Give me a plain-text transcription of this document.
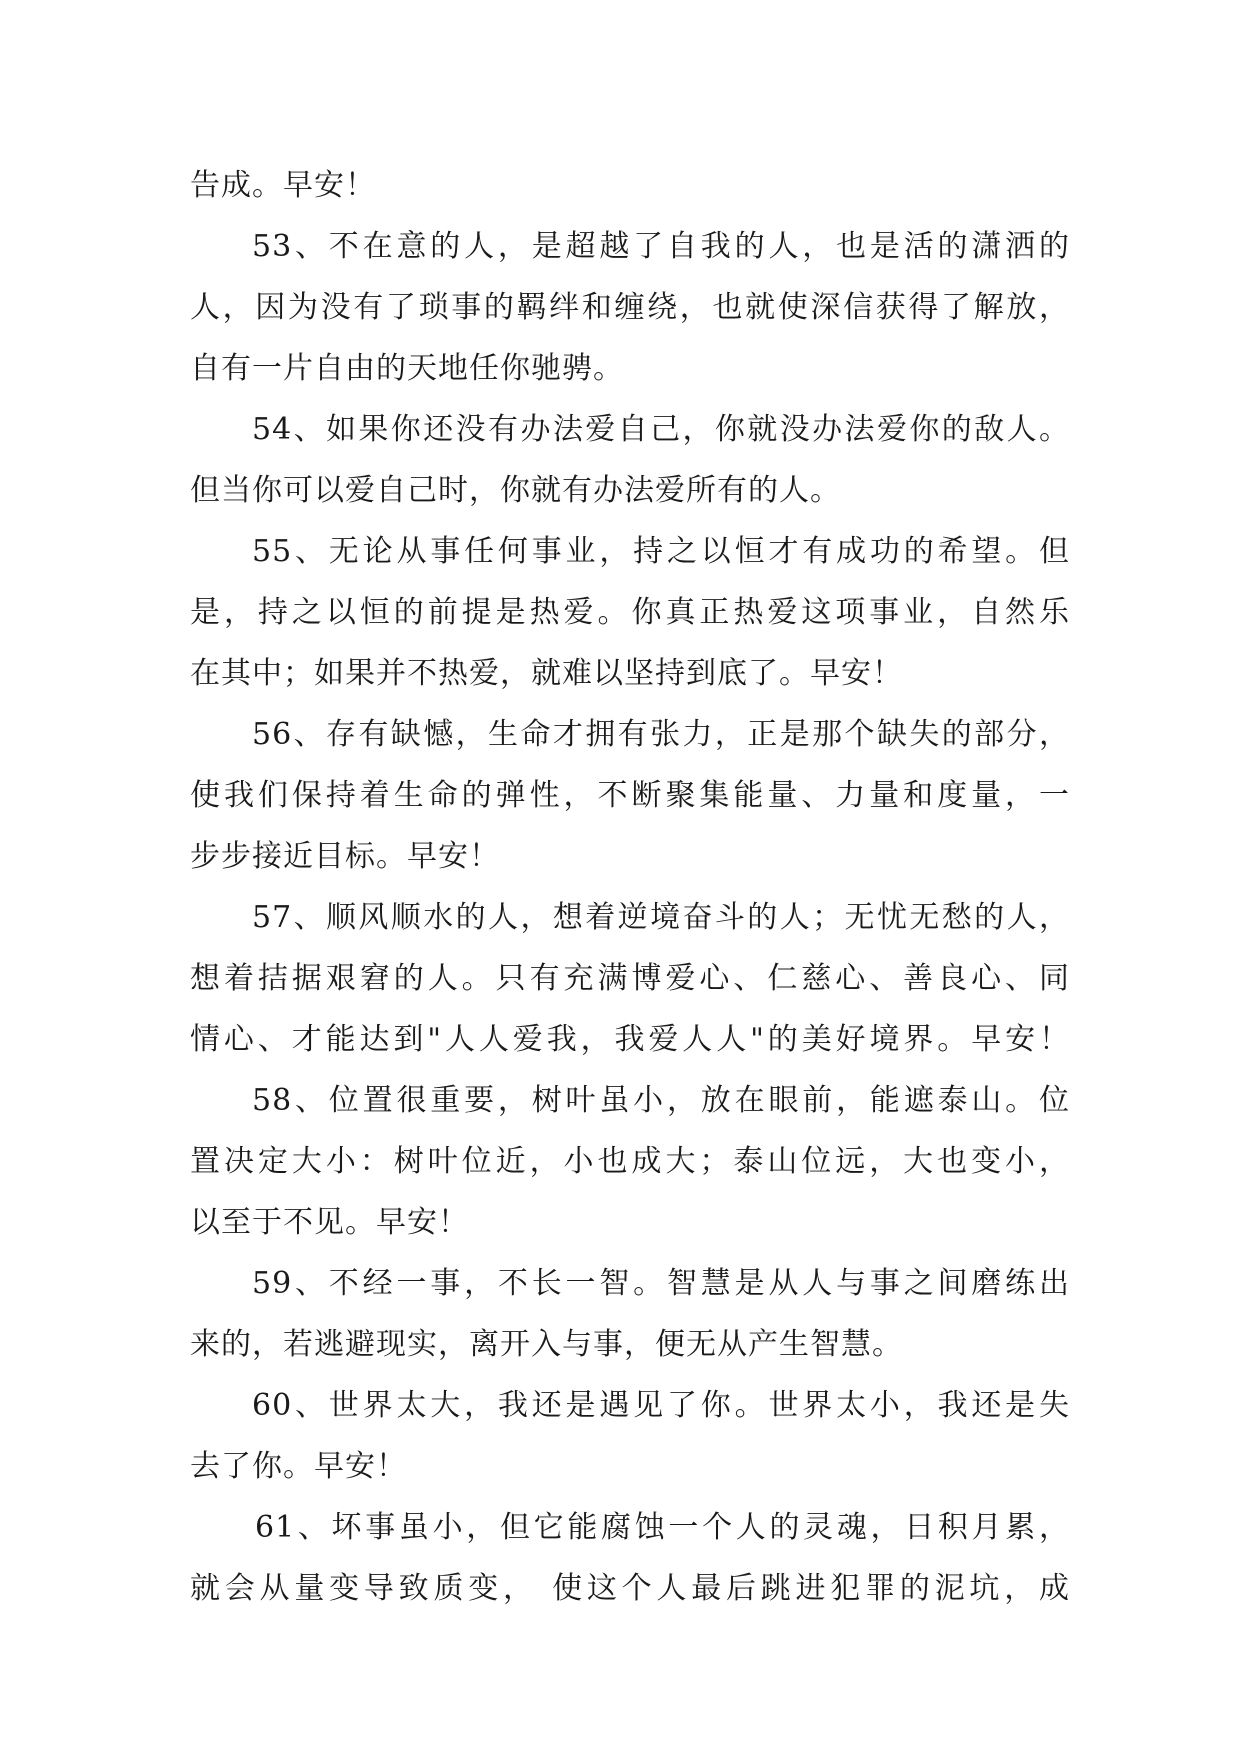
告成。早安！
53、不在意的人，是超越了自我的人，也是活的潇洒的
人，因为没有了琐事的羁绊和缠绕，也就使深信获得了解放，
自有一片自由的天地任你驰骋。
54、如果你还没有办法爱自己，你就没办法爱你的敌人。
但当你可以爱自己时，你就有办法爱所有的人。
55、无论从事任何事业，持之以恒才有成功的希望。但
是，持之以恒的前提是热爱。你真正热爱这项事业，自然乐
在其中；如果并不热爱，就难以坚持到底了。早安！
56、存有缺憾，生命才拥有张力，正是那个缺失的部分，
使我们保持着生命的弹性，不断聚集能量、力量和度量，一
步步接近目标。早安！
57、顺风顺水的人，想着逆境奋斗的人；无忧无愁的人，
想着拮据艰窘的人。只有充满博爱心、仁慈心、善良心、同
情心、才能达到"人人爱我，我爱人人"的美好境界。早安！
58、位置很重要，树叶虽小，放在眼前，能遮泰山。位
置决定大小：树叶位近，小也成大；泰山位远，大也变小，
以至于不见。早安！
59、不经一事，不长一智。智慧是从人与事之间磨练出
来的，若逃避现实，离开入与事，便无从产生智慧。
60、世界太大，我还是遇见了你。世界太小，我还是失
去了你。早安！
61、坏事虽小，但它能腐蚀一个人的灵魂，日积月累，
就会从量变导致质变， 使这个人最后跳进犯罪的泥坑，成
